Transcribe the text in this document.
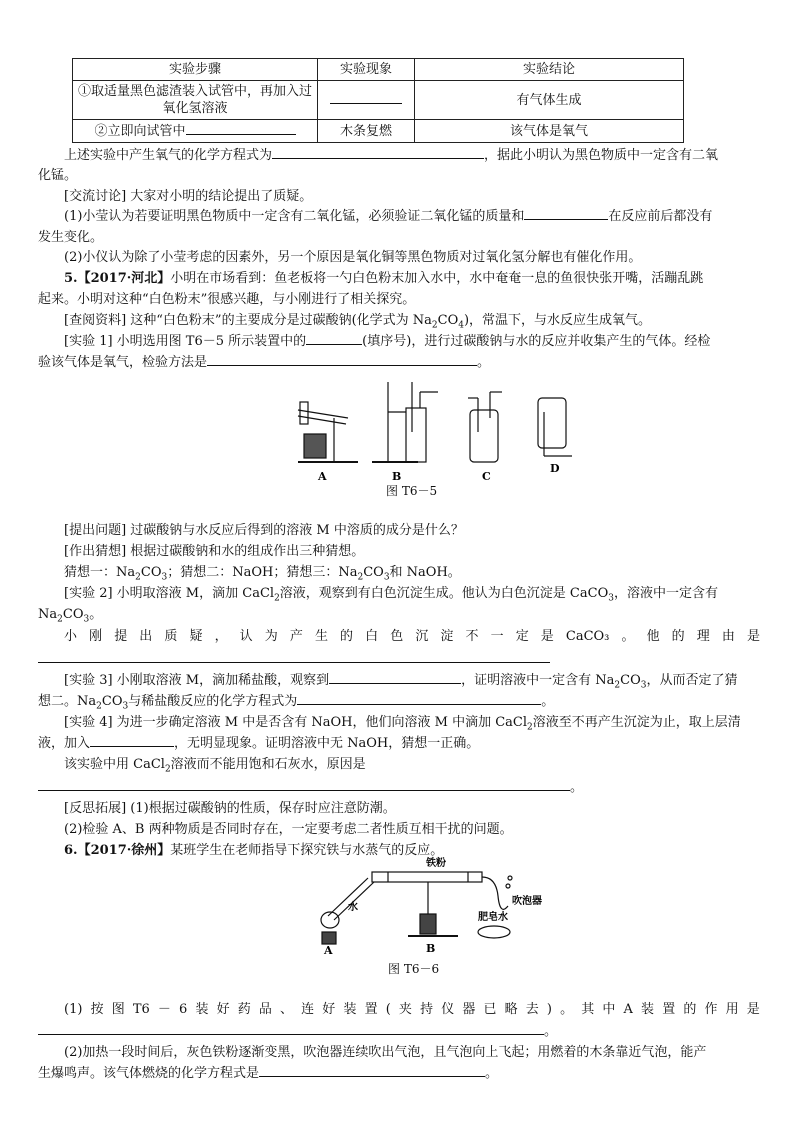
实验步骤	实验现象	实验结论
①取适量黑色滤渣装入试管中，再加入过氧化氢溶液		有气体生成
②立即向试管中	木条复燃	该气体是氧气
上述实验中产生氧气的化学方程式为	，据此小明认为黑色物质中一定含有二氧
化锰。
[交流讨论] 大家对小明的结论提出了质疑。
(1)小莹认为若要证明黑色物质中一定含有二氧化锰，必须验证二氧化锰的质量和	在反应前后都没有
发生变化。
(2)小仪认为除了小莹考虑的因素外，另一个原因是氧化铜等黑色物质对过氧化氢分解也有催化作用。
5.【2017·河北】小明在市场看到：鱼老板将一勺白色粉末加入水中，水中奄奄一息的鱼很快张开嘴，活蹦乱跳
起来。小明对这种“白色粉末”很感兴趣，与小刚进行了相关探究。
[查阅资料] 这种“白色粉末”的主要成分是过碳酸钠(化学式为 $Na_2CO_4$)，常温下，与水反应生成氧气。
[实验 1] 小明选用图 T6－5 所示装置中的	(填序号)，进行过碳酸钠与水的反应并收集产生的气体。经检
验该气体是氧气，检验方法是	。
A	B	C
D
图 T6－5
[提出问题] 过碳酸钠与水反应后得到的溶液 M 中溶质的成分是什么？
[作出猜想] 根据过碳酸钠和水的组成作出三种猜想。
猜想一：$Na_2CO_3$；猜想二：NaOH；猜想三：$Na_2CO_3$和 NaOH。
[实验 2] 小明取溶液 M，滴加 CaCl$_2$溶液，观察到有白色沉淀生成。他认为白色沉淀是 CaCO$_3$，溶液中一定含有
$Na_2CO_3$。
小 刚 提 出 质 疑 ， 认 为 产 生 的 白 色 沉 淀 不 一 定 是 CaCO₃ 。 他 的 理 由 是
[实验 3] 小刚取溶液 M，滴加稀盐酸，观察到	，证明溶液中一定含有 $Na_2CO_3$，从而否定了猜
想二。$Na_2CO_3$与稀盐酸反应的化学方程式为	。
[实验 4] 为进一步确定溶液 M 中是否含有 NaOH，他们向溶液 M 中滴加 CaCl$_2$溶液至不再产生沉淀为止，取上层清
液，加入	，无明显现象。证明溶液中无 NaOH，猜想一正确。
该实验中用 CaCl$_2$溶液而不能用饱和石灰水，原因是
。
[反思拓展] (1)根据过碳酸钠的性质，保存时应注意防潮。
(2)检验 A、B 两种物质是否同时存在，一定要考虑二者性质互相干扰的问题。
6.【2017·徐州】某班学生在老师指导下探究铁与水蒸气的反应。
铁粉
水
吹泡器
肥皂水
A	B
图 T6－6
(1) 按 图 T6 － 6 装 好 药 品 、 连 好 装 置 ( 夹 持 仪 器 已 略 去 ) 。 其 中 A 装 置 的 作 用 是
。
(2)加热一段时间后，灰色铁粉逐渐变黑，吹泡器连续吹出气泡，且气泡向上飞起；用燃着的木条靠近气泡，能产
生爆鸣声。该气体燃烧的化学方程式是	。
